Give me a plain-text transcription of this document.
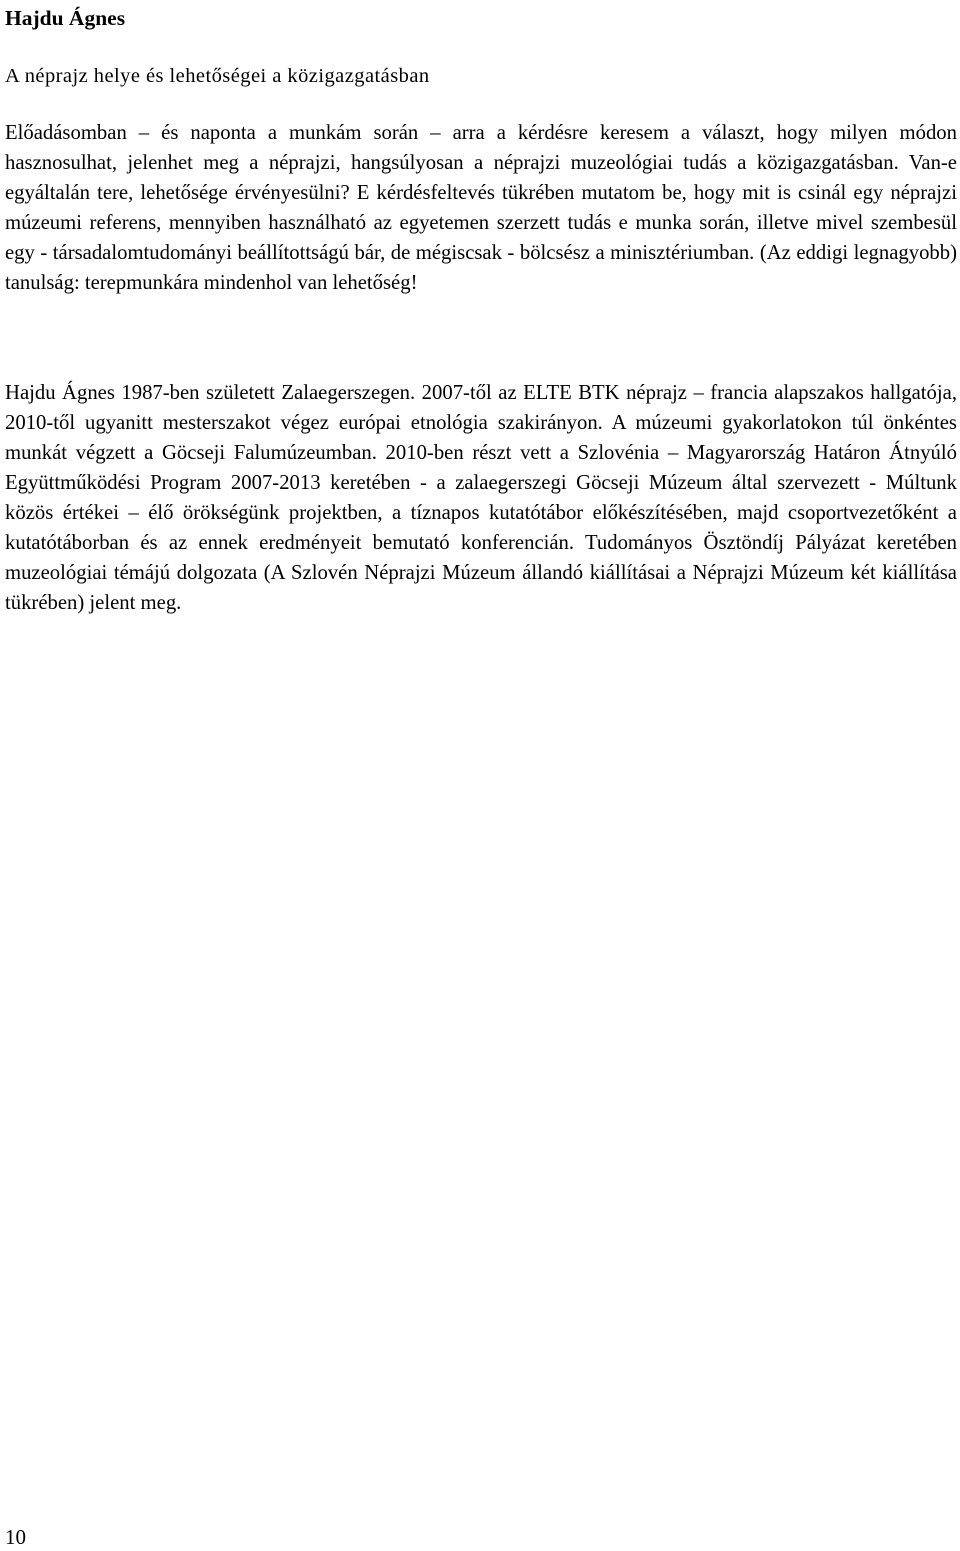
Hajdu Ágnes
A néprajz helye és lehetőségei a közigazgatásban

Előadásomban – és naponta a munkám során – arra a kérdésre keresem a választ, hogy milyen módon hasznosulhat, jelenhet meg a néprajzi, hangsúlyosan a néprajzi muzeológiai tudás a közigazgatásban. Van-e egyáltalán tere, lehetősége érvényesülni? E kérdésfeltevés tükrében mutatom be, hogy mit is csinál egy néprajzi múzeumi referens, mennyiben használható az egyetemen szerzett tudás e munka során, illetve mivel szembesül egy - társadalomtudományi beállítottságú bár, de mégiscsak - bölcsész a minisztériumban. (Az eddigi legnagyobb) tanulság: terepmunkára mindenhol van lehetőség!

Hajdu Ágnes 1987-ben született Zalaegerszegen. 2007-től az ELTE BTK néprajz – francia alapszakos hallgatója, 2010-től ugyanitt mesterszakot végez európai etnológia szakirányon. A múzeumi gyakorlatokon túl önkéntes munkát végzett a Göcseji Falumúzeumban. 2010-ben részt vett a Szlovénia – Magyarország Határon Átnyúló Együttműködési Program 2007-2013 keretében - a zalaegerszegi Göcseji Múzeum által szervezett - Múltunk közös értékei – élő örökségünk projektben, a tíznapos kutatótábor előkészítésében, majd csoportvezetőként a kutatótáborban és az ennek eredményeit bemutató konferencián. Tudományos Ösztöndíj Pályázat keretében muzeológiai témájú dolgozata (A Szlovén Néprajzi Múzeum állandó kiállításai a Néprajzi Múzeum két kiállítása tükrében) jelent meg.

10
